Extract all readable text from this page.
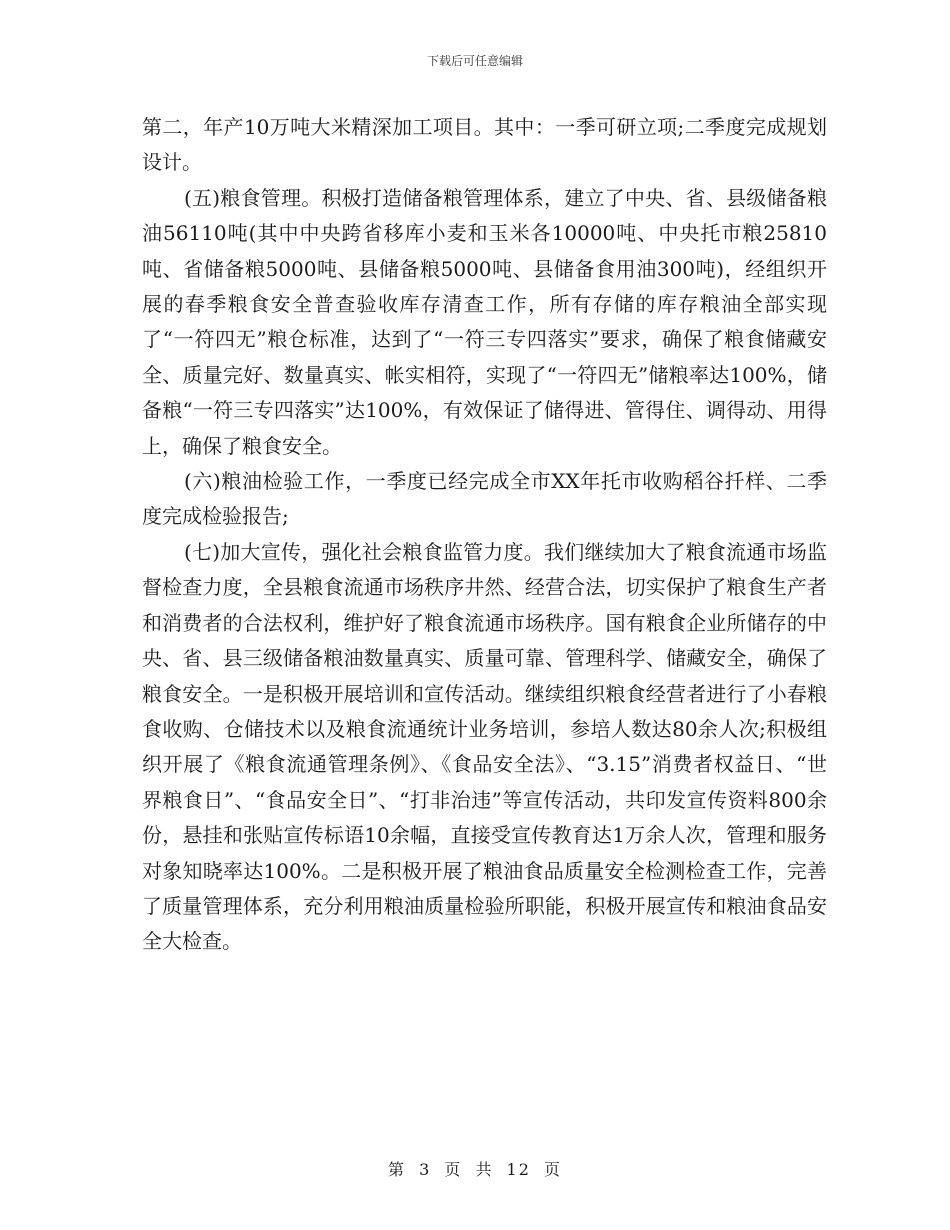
下载后可任意编辑

第二，年产10万吨大米精深加工项目。其中：一季可研立项;二季度完成规划设计。

(五)粮食管理。积极打造储备粮管理体系，建立了中央、省、县级储备粮油56110吨(其中中央跨省移库小麦和玉米各10000吨、中央托市粮25810吨、省储备粮5000吨、县储备粮5000吨、县储备食用油300吨)，经组织开展的春季粮食安全普查验收库存清查工作，所有存储的库存粮油全部实现了“一符四无”粮仓标准，达到了“一符三专四落实”要求，确保了粮食储藏安全、质量完好、数量真实、帐实相符，实现了“一符四无”储粮率达100%，储备粮“一符三专四落实”达100%，有效保证了储得进、管得住、调得动、用得上，确保了粮食安全。

(六)粮油检验工作，一季度已经完成全市XX年托市收购稻谷扦样、二季度完成检验报告;

(七)加大宣传，强化社会粮食监管力度。我们继续加大了粮食流通市场监督检查力度，全县粮食流通市场秩序井然、经营合法，切实保护了粮食生产者和消费者的合法权利，维护好了粮食流通市场秩序。国有粮食企业所储存的中央、省、县三级储备粮油数量真实、质量可靠、管理科学、储藏安全，确保了粮食安全。一是积极开展培训和宣传活动。继续组织粮食经营者进行了小春粮食收购、仓储技术以及粮食流通统计业务培训，参培人数达80余人次;积极组织开展了《粮食流通管理条例》、《食品安全法》、“3.15”消费者权益日、“世界粮食日”、“食品安全日”、“打非治违”等宣传活动，共印发宣传资料800余份，悬挂和张贴宣传标语10余幅，直接受宣传教育达1万余人次，管理和服务对象知晓率达100%。二是积极开展了粮油食品质量安全检测检查工作，完善了质量管理体系，充分利用粮油质量检验所职能，积极开展宣传和粮油食品安全大检查。

第 3 页 共 12 页
